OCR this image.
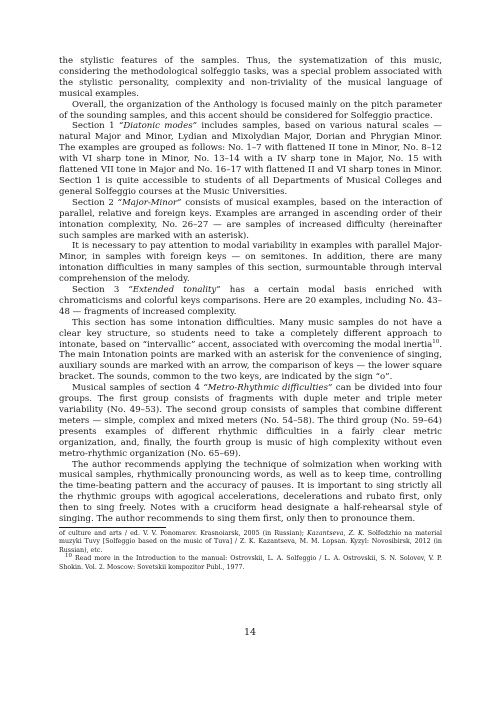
the stylistic features of the samples. Thus, the systematization of this music, considering the methodological solfeggio tasks, was a special problem associated with the stylistic personality, complexity and non-triviality of the musical language of musical examples.

Overall, the organization of the Anthology is focused mainly on the pitch parameter of the sounding samples, and this accent should be considered for Solfeggio practice.

Section 1 “Diatonic modes” includes samples, based on various natural scales — natural Major and Minor, Lydian and Mixolydian Major, Dorian and Phrygian Minor. The examples are grouped as follows: No. 1–7 with flattened II tone in Minor, No. 8–12 with VI sharp tone in Minor, No. 13–14 with a IV sharp tone in Major, No. 15 with flattened VII tone in Major and No. 16–17 with flattened II and VI sharp tones in Minor. Section 1 is quite accessible to students of all Departments of Musical Colleges and general Solfeggio courses at the Music Universities.

Section 2 “Major-Minor” consists of musical examples, based on the interaction of parallel, relative and foreign keys. Examples are arranged in ascending order of their intonation complexity, No. 26–27 — are samples of increased difficulty (hereinafter such samples are marked with an asterisk).

It is necessary to pay attention to modal variability in examples with parallel Major-Minor, in samples with foreign keys — on semitones. In addition, there are many intonation difficulties in many samples of this section, surmountable through interval comprehension of the melody.

Section 3 “Extended tonality” has a certain modal basis enriched with chromaticisms and colorful keys comparisons. Here are 20 examples, including No. 43–48 — fragments of increased complexity.

This section has some intonation difficulties. Many music samples do not have a clear key structure, so students need to take a completely different approach to intonate, based on “intervallic” accent, associated with overcoming the modal inertia$^{10}$. The main Intonation points are marked with an asterisk for the convenience of singing, auxiliary sounds are marked with an arrow, the comparison of keys — the lower square bracket. The sounds, common to the two keys, are indicated by the sign “o”.

Musical samples of section 4 “Metro-Rhythmic difficulties” can be divided into four groups. The first group consists of fragments with duple meter and triple meter variability (No. 49–53). The second group consists of samples that combine different meters — simple, complex and mixed meters (No. 54–58). The third group (No. 59–64) presents examples of different rhythmic difficulties in a fairly clear metric organization, and, finally, the fourth group is music of high complexity without even metro-rhythmic organization (No. 65–69).

The author recommends applying the technique of solmization when working with musical samples, rhythmically pronouncing words, as well as to keep time, controlling the time-beating pattern and the accuracy of pauses. It is important to sing strictly all the rhythmic groups with agogical accelerations, decelerations and rubato first, only then to sing freely. Notes with a cruciform head designate a half-rehearsal style of singing. The author recommends to sing them first, only then to pronounce them.

of culture and arts / ed. V. V. Ponomarev. Krasnoiarsk, 2005 (in Russian); Kazantseva, Z. K. Solfedzhio na material muzyki Tuvy [Solfeggio based on the music of Tuva] / Z. K. Kazantseva, M. M. Lopsan. Kyzyl: Novosibirsk, 2012 (in Russian), etc.

$^{10}$ Read more in the Introduction to the manual: Ostrovskii, L. A. Solfeggio / L. A. Ostrovskii, S. N. Solovev, V. P. Shokin. Vol. 2. Moscow: Sovetskii kompozitor Publ., 1977.

14
